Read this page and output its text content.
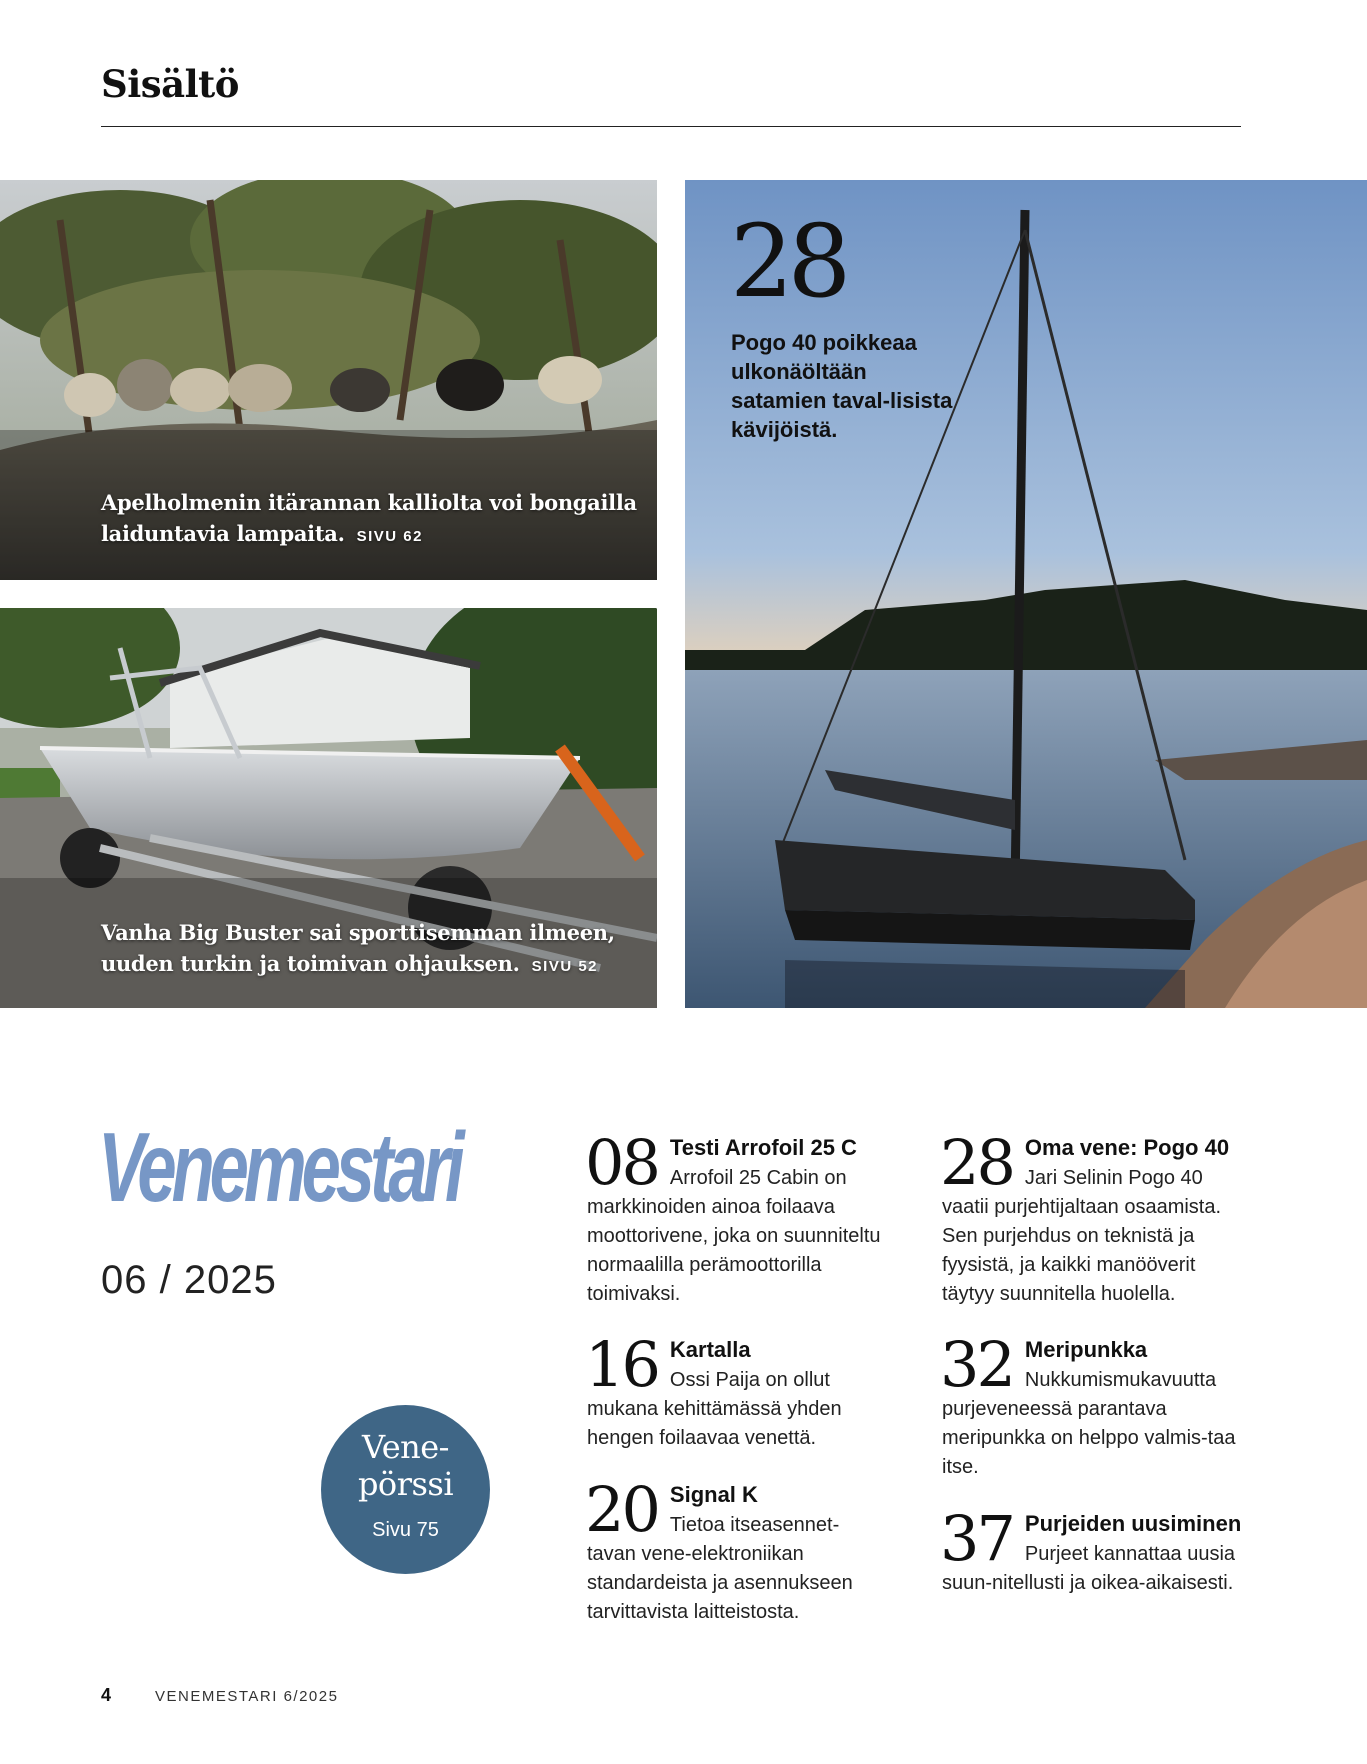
Sisältö
Apelholmenin itärannan kalliolta voi bongailla laiduntavia lampaita. SIVU 62
Vanha Big Buster sai sporttisemman ilmeen, uuden turkin ja toimivan ohjauksen. SIVU 52
28
Pogo 40 poikkeaa ulkonäöltään satamien taval-lisista kävijöistä.
Venemestari
06 / 2025
Vene-
pörssi
Sivu 75
08 Testi Arrofoil 25 C
Arrofoil 25 Cabin on markkinoiden ainoa foilaava moottorivene, joka on suunniteltu normaalilla perämoottorilla toimivaksi.
16 Kartalla
Ossi Paija on ollut mukana kehittämässä yhden hengen foilaavaa venettä.
20 Signal K
Tietoa itseasennet-tavan vene-elektroniikan standardeista ja asennukseen tarvittavista laitteistosta.
28 Oma vene: Pogo 40
Jari Selinin Pogo 40 vaatii purjehtijaltaan osaamista. Sen purjehdus on teknistä ja fyysistä, ja kaikki manööverit täytyy suunnitella huolella.
32 Meripunkka
Nukkumismukavuutta purjeveneessä parantava meripunkka on helppo valmis-taa itse.
37 Purjeiden uusiminen
Purjeet kannattaa uusia suun-nitellusti ja oikea-aikaisesti.
4	VENEMESTARI 6/2025
